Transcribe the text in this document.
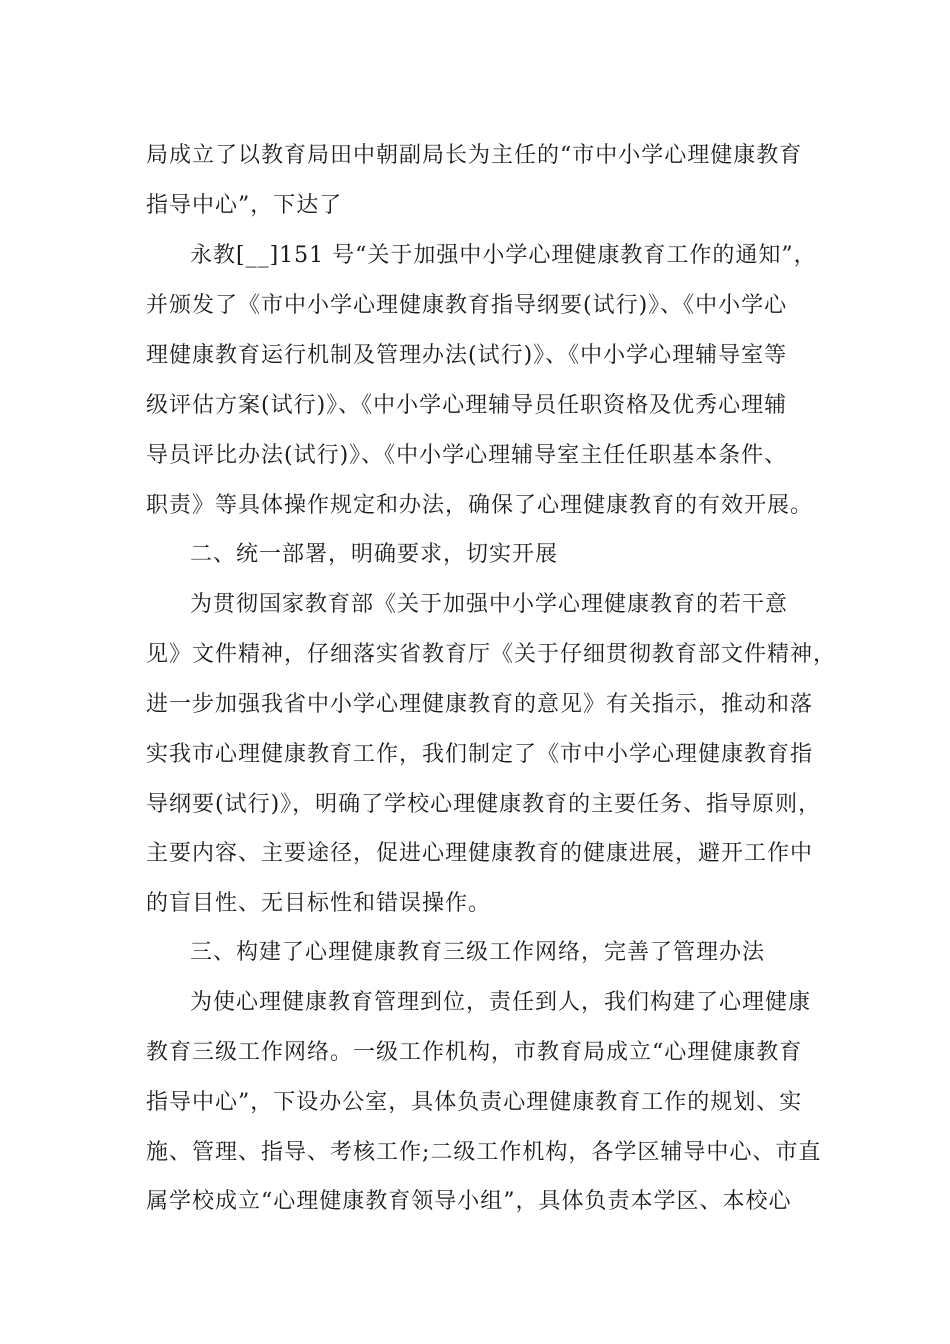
局成立了以教育局田中朝副局长为主任的“市中小学心理健康教育
指导中心”，下达了
永教[__]151 号“关于加强中小学心理健康教育工作的通知”，
并颁发了《市中小学心理健康教育指导纲要(试行)》、《中小学心
理健康教育运行机制及管理办法(试行)》、《中小学心理辅导室等
级评估方案(试行)》、《中小学心理辅导员任职资格及优秀心理辅
导员评比办法(试行)》、《中小学心理辅导室主任任职基本条件、
职责》等具体操作规定和办法，确保了心理健康教育的有效开展。
二、统一部署，明确要求，切实开展
为贯彻国家教育部《关于加强中小学心理健康教育的若干意
见》文件精神，仔细落实省教育厅《关于仔细贯彻教育部文件精神，
进一步加强我省中小学心理健康教育的意见》有关指示，推动和落
实我市心理健康教育工作，我们制定了《市中小学心理健康教育指
导纲要(试行)》，明确了学校心理健康教育的主要任务、指导原则，
主要内容、主要途径，促进心理健康教育的健康进展，避开工作中
的盲目性、无目标性和错误操作。
三、构建了心理健康教育三级工作网络，完善了管理办法
为使心理健康教育管理到位，责任到人，我们构建了心理健康
教育三级工作网络。一级工作机构，市教育局成立“心理健康教育
指导中心”，下设办公室，具体负责心理健康教育工作的规划、实
施、管理、指导、考核工作;二级工作机构，各学区辅导中心、市直
属学校成立“心理健康教育领导小组”，具体负责本学区、本校心
